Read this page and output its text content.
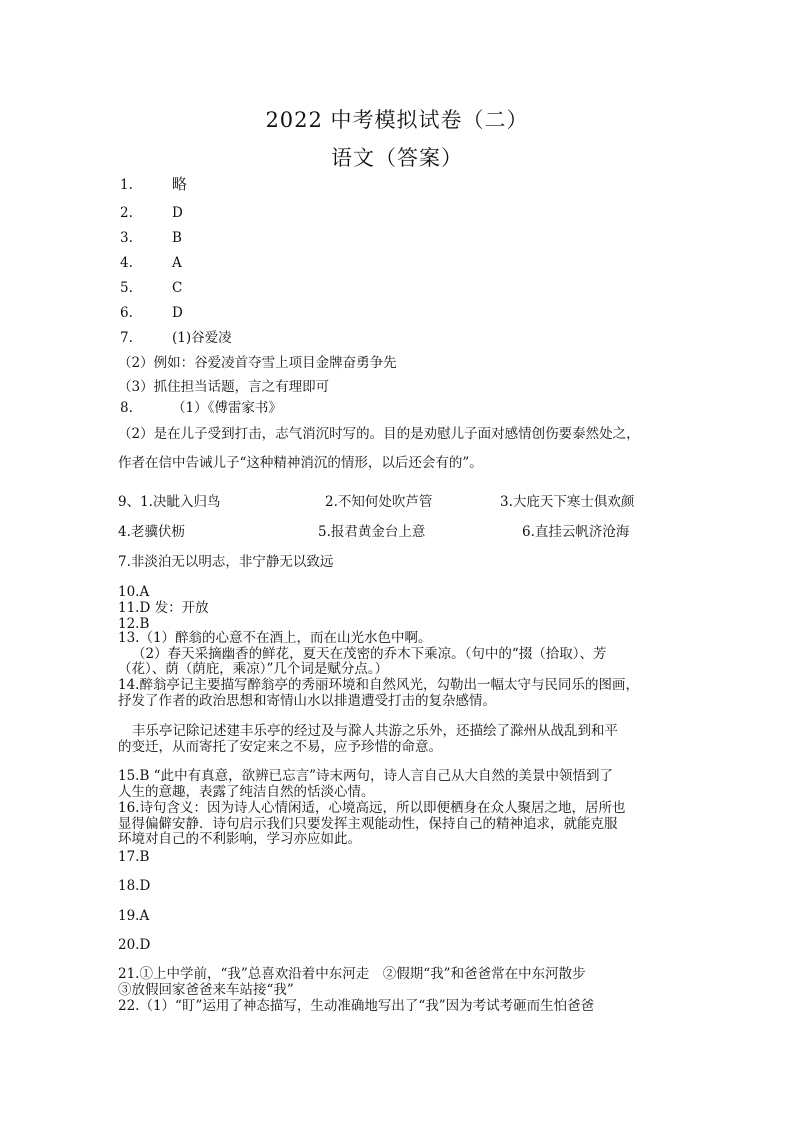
2022 中考模拟试卷（二）
语文（答案）
1.	略
2.	D
3.	B
4.	A
5.	C
6.	D
7.	(1)谷爱凌
（2）例如：谷爱凌首夺雪上项目金牌奋勇争先
（3）抓住担当话题，言之有理即可
8.	（1）《傅雷家书》
（2）是在儿子受到打击，志气消沉时写的。目的是劝慰儿子面对感情创伤要泰然处之，
作者在信中告诫儿子“这种精神消沉的情形，以后还会有的”。
9、1.决眦入归鸟	2.不知何处吹芦管	3.大庇天下寒士俱欢颜
4.老骥伏枥	5.报君黄金台上意	6.直挂云帆济沧海
7.非淡泊无以明志，非宁静无以致远
10.A
11.D 发：开放
12.B
13.（1）醉翁的心意不在酒上，而在山光水色中啊。
（2）春天采摘幽香的鲜花，夏天在茂密的乔木下乘凉。（句中的“掇（拾取）、芳
（花）、荫（荫庇，乘凉）”几个词是赋分点。）
14.醉翁亭记主要描写醉翁亭的秀丽环境和自然风光，勾勒出一幅太守与民同乐的图画，
抒发了作者的政治思想和寄情山水以排遣遭受打击的复杂感情。
丰乐亭记除记述建丰乐亭的经过及与滁人共游之乐外，还描绘了滁州从战乱到和平
的变迁，从而寄托了安定来之不易，应予珍惜的命意。
15.B “此中有真意，欲辨已忘言”诗末两句，诗人言自己从大自然的美景中领悟到了
人生的意趣，表露了纯洁自然的恬淡心情。
16.诗句含义：因为诗人心情闲适，心境高远，所以即便栖身在众人聚居之地，居所也
显得偏僻安静．诗句启示我们只要发挥主观能动性，保持自己的精神追求，就能克服
环境对自己的不利影响，学习亦应如此。
17.B
18.D
19.A
20.D
21.①上中学前，“我”总喜欢沿着中东河走　②假期“我”和爸爸常在中东河散步
③放假回家爸爸来车站接“我”
22.（1）“盯”运用了神态描写，生动准确地写出了“我”因为考试考砸而生怕爸爸
